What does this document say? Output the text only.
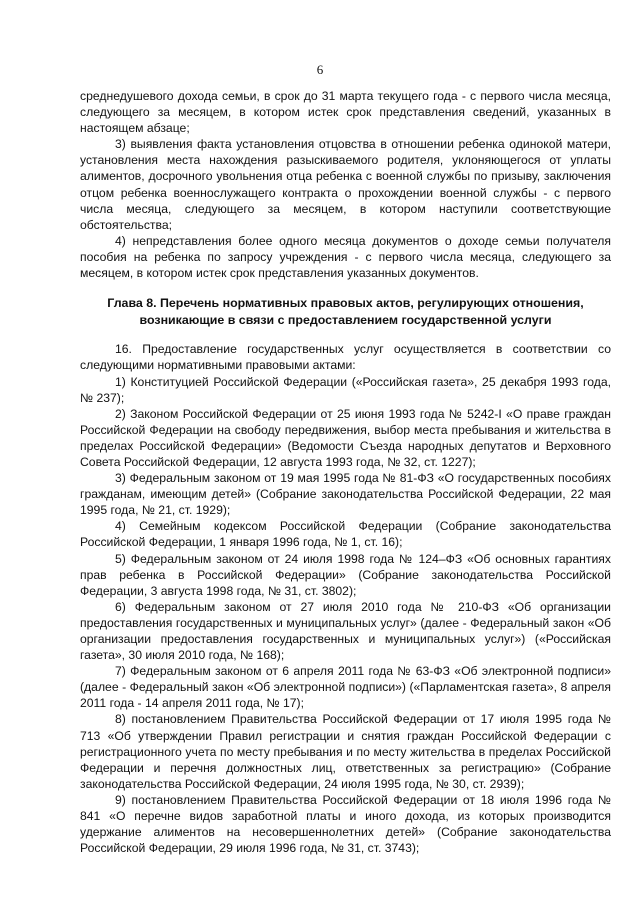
6

среднедушевого дохода семьи, в срок до 31 марта текущего года - с первого числа месяца, следующего за месяцем, в котором истек срок представления сведений, указанных в настоящем абзаце;

3) выявления факта установления отцовства в отношении ребенка одинокой матери, установления места нахождения разыскиваемого родителя, уклоняющегося от уплаты алиментов, досрочного увольнения отца ребенка с военной службы по призыву, заключения отцом ребенка военнослужащего контракта о прохождении военной службы - с первого числа месяца, следующего за месяцем, в котором наступили соответствующие обстоятельства;

4) непредставления более одного месяца документов о доходе семьи получателя пособия на ребенка по запросу учреждения - с первого числа месяца, следующего за месяцем, в котором истек срок представления указанных документов.

Глава 8. Перечень нормативных правовых актов, регулирующих отношения, возникающие в связи с предоставлением государственной услуги

16. Предоставление государственных услуг осуществляется в соответствии со следующими нормативными правовыми актами:

1) Конституцией Российской Федерации («Российская газета», 25 декабря 1993 года, № 237);

2) Законом Российской Федерации от 25 июня 1993 года № 5242-I «О праве граждан Российской Федерации на свободу передвижения, выбор места пребывания и жительства в пределах Российской Федерации» (Ведомости Съезда народных депутатов и Верховного Совета Российской Федерации, 12 августа 1993 года, № 32, ст. 1227);

3) Федеральным законом от 19 мая 1995 года № 81-ФЗ «О государственных пособиях гражданам, имеющим детей» (Собрание законодательства Российской Федерации, 22 мая 1995 года, № 21, ст. 1929);

4) Семейным кодексом Российской Федерации (Собрание законодательства Российской Федерации, 1 января 1996 года, № 1, ст. 16);

5) Федеральным законом от 24 июля 1998 года № 124–ФЗ «Об основных гарантиях прав ребенка в Российской Федерации» (Собрание законодательства Российской Федерации, 3 августа 1998 года, № 31, ст. 3802);

6) Федеральным законом от 27 июля 2010 года № 210-ФЗ «Об организации предоставления государственных и муниципальных услуг» (далее - Федеральный закон «Об организации предоставления государственных и муниципальных услуг») («Российская газета», 30 июля 2010 года, № 168);

7) Федеральным законом от 6 апреля 2011 года № 63-ФЗ «Об электронной подписи» (далее - Федеральный закон «Об электронной подписи») («Парламентская газета», 8 апреля 2011 года - 14 апреля 2011 года, № 17);

8) постановлением Правительства Российской Федерации от 17 июля 1995 года № 713 «Об утверждении Правил регистрации и снятия граждан Российской Федерации с регистрационного учета по месту пребывания и по месту жительства в пределах Российской Федерации и перечня должностных лиц, ответственных за регистрацию» (Собрание законодательства Российской Федерации, 24 июля 1995 года, № 30, ст. 2939);

9) постановлением Правительства Российской Федерации от 18 июля 1996 года № 841 «О перечне видов заработной платы и иного дохода, из которых производится удержание алиментов на несовершеннолетних детей» (Собрание законодательства Российской Федерации, 29 июля 1996 года, № 31, ст. 3743);
